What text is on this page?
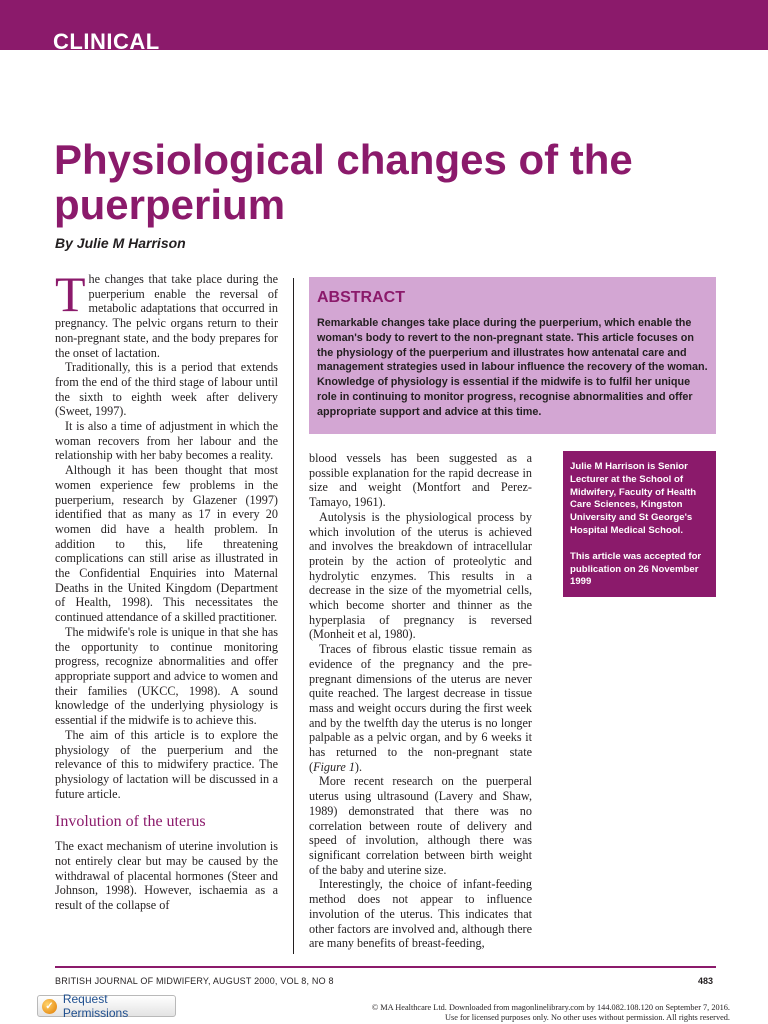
CLINICAL
Physiological changes of the puerperium
By Julie M Harrison

The changes that take place during the puerperium enable the reversal of metabolic adaptations that occurred in pregnancy. The pelvic organs return to their non-pregnant state, and the body prepares for the onset of lactation.

Traditionally, this is a period that extends from the end of the third stage of labour until the sixth to eighth week after delivery (Sweet, 1997).

It is also a time of adjustment in which the woman recovers from her labour and the relationship with her baby becomes a reality.

Although it has been thought that most women experience few problems in the puerperium, research by Glazener (1997) identified that as many as 17 in every 20 women did have a health problem. In addition to this, life threatening complications can still arise as illustrated in the Confidential Enquiries into Maternal Deaths in the United Kingdom (Department of Health, 1998). This necessitates the continued attendance of a skilled practitioner.

The midwife's role is unique in that she has the opportunity to continue monitoring progress, recognize abnormalities and offer appropriate support and advice to women and their families (UKCC, 1998). A sound knowledge of the underlying physiology is essential if the midwife is to achieve this.

The aim of this article is to explore the physiology of the puerperium and the relevance of this to midwifery practice. The physiology of lactation will be discussed in a future article.

Involution of the uterus

The exact mechanism of uterine involution is not entirely clear but may be caused by the withdrawal of placental hormones (Steer and Johnson, 1998). However, ischaemia as a result of the collapse of

ABSTRACT

Remarkable changes take place during the puerperium, which enable the woman's body to revert to the non-pregnant state. This article focuses on the physiology of the puerperium and illustrates how antenatal care and management strategies used in labour influence the recovery of the woman. Knowledge of physiology is essential if the midwife is to fulfil her unique role in continuing to monitor progress, recognise abnormalities and offer appropriate support and advice at this time.

blood vessels has been suggested as a possible explanation for the rapid decrease in size and weight (Montfort and Perez-Tamayo, 1961).

Autolysis is the physiological process by which involution of the uterus is achieved and involves the breakdown of intracellular protein by the action of proteolytic and hydrolytic enzymes. This results in a decrease in the size of the myometrial cells, which become shorter and thinner as the hyperplasia of pregnancy is reversed (Monheit et al, 1980).

Traces of fibrous elastic tissue remain as evidence of the pregnancy and the pre-pregnant dimensions of the uterus are never quite reached. The largest decrease in tissue mass and weight occurs during the first week and by the twelfth day the uterus is no longer palpable as a pelvic organ, and by 6 weeks it has returned to the non-pregnant state (Figure 1).

More recent research on the puerperal uterus using ultrasound (Lavery and Shaw, 1989) demonstrated that there was no correlation between route of delivery and speed of involution, although there was significant correlation between birth weight of the baby and uterine size.

Interestingly, the choice of infant-feeding method does not appear to influence involution of the uterus. This indicates that other factors are involved and, although there are many benefits of breast-feeding,

Julie M Harrison is Senior Lecturer at the School of Midwifery, Faculty of Health Care Sciences, Kingston University and St George's Hospital Medical School.

This article was accepted for publication on 26 November 1999

BRITISH JOURNAL OF MIDWIFERY, AUGUST 2000, VOL 8, NO 8	483
✓ Request Permissions	© MA Healthcare Ltd. Downloaded from magonlinelibrary.com by 144.082.108.120 on September 7, 2016.
Use for licensed purposes only. No other uses without permission. All rights reserved.
